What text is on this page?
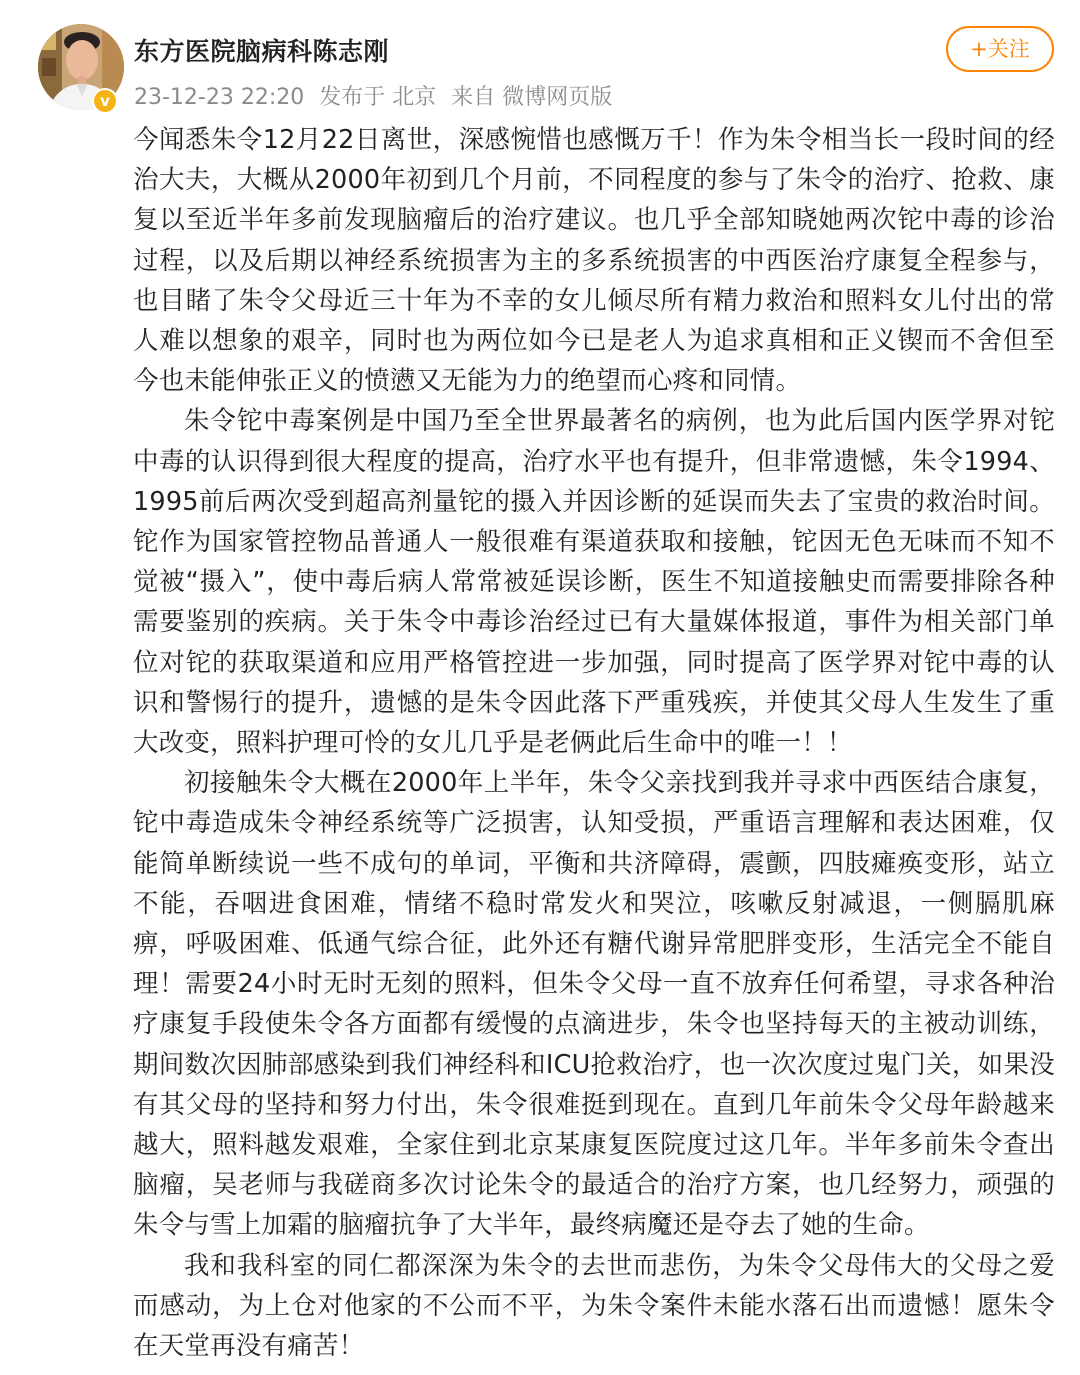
v
东方医院脑病科陈志刚
23-12-23 22:20 发布于 北京 来自 微博网页版
+关注

今闻悉朱令12月22日离世，深感惋惜也感慨万千！作为朱令相当长一段时间的经治大夫，大概从2000年初到几个月前，不同程度的参与了朱令的治疗、抢救、康复以至近半年多前发现脑瘤后的治疗建议。也几乎全部知晓她两次铊中毒的诊治过程，以及后期以神经系统损害为主的多系统损害的中西医治疗康复全程参与，也目睹了朱令父母近三十年为不幸的女儿倾尽所有精力救治和照料女儿付出的常人难以想象的艰辛，同时也为两位如今已是老人为追求真相和正义锲而不舍但至今也未能伸张正义的愤懑又无能为力的绝望而心疼和同情。

朱令铊中毒案例是中国乃至全世界最著名的病例，也为此后国内医学界对铊中毒的认识得到很大程度的提高，治疗水平也有提升，但非常遗憾，朱令1994、1995前后两次受到超高剂量铊的摄入并因诊断的延误而失去了宝贵的救治时间。铊作为国家管控物品普通人一般很难有渠道获取和接触，铊因无色无味而不知不觉被“摄入”，使中毒后病人常常被延误诊断，医生不知道接触史而需要排除各种需要鉴别的疾病。关于朱令中毒诊治经过已有大量媒体报道，事件为相关部门单位对铊的获取渠道和应用严格管控进一步加强，同时提高了医学界对铊中毒的认识和警惕行的提升，遗憾的是朱令因此落下严重残疾，并使其父母人生发生了重大改变，照料护理可怜的女儿几乎是老俩此后生命中的唯一！！

初接触朱令大概在2000年上半年，朱令父亲找到我并寻求中西医结合康复，铊中毒造成朱令神经系统等广泛损害，认知受损，严重语言理解和表达困难，仅能简单断续说一些不成句的单词，平衡和共济障碍，震颤，四肢瘫痪变形，站立不能，吞咽进食困难，情绪不稳时常发火和哭泣，咳嗽反射减退，一侧膈肌麻痹，呼吸困难、低通气综合征，此外还有糖代谢异常肥胖变形，生活完全不能自理！需要24小时无时无刻的照料，但朱令父母一直不放弃任何希望，寻求各种治疗康复手段使朱令各方面都有缓慢的点滴进步，朱令也坚持每天的主被动训练，期间数次因肺部感染到我们神经科和ICU抢救治疗，也一次次度过鬼门关，如果没有其父母的坚持和努力付出，朱令很难挺到现在。直到几年前朱令父母年龄越来越大，照料越发艰难，全家住到北京某康复医院度过这几年。半年多前朱令查出脑瘤，吴老师与我磋商多次讨论朱令的最适合的治疗方案，也几经努力，顽强的朱令与雪上加霜的脑瘤抗争了大半年，最终病魔还是夺去了她的生命。

我和我科室的同仁都深深为朱令的去世而悲伤，为朱令父母伟大的父母之爱而感动，为上仓对他家的不公而不平，为朱令案件未能水落石出而遗憾！愿朱令在天堂再没有痛苦！
